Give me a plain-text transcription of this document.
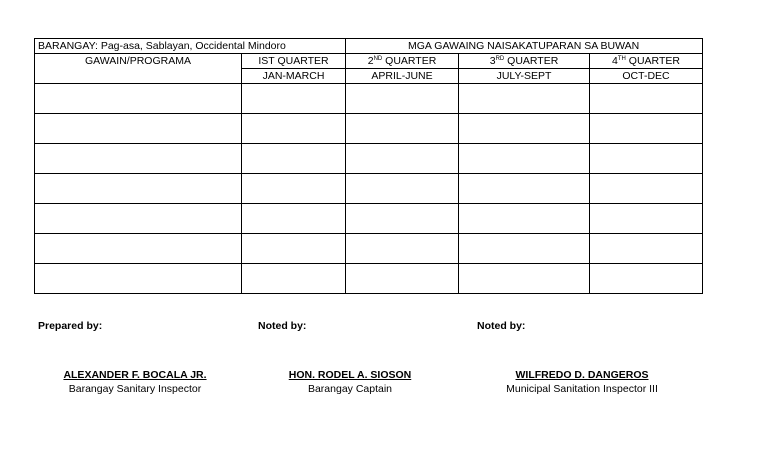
BARANGAY: Pag-asa, Sablayan, Occidental Mindoro		MGA GAWAING NAISAKATUPARAN SA BUWAN		
GAWAIN/PROGRAMA	IST QUARTER	2ND QUARTER	3RD QUARTER	4TH QUARTER
	JAN-MARCH	APRIL-JUNE	JULY-SEPT	OCT-DEC

Prepared by:	Noted by:	Noted by:
ALEXANDER F. BOCALA JR.
Barangay Sanitary Inspector
HON. RODEL A. SIOSON
Barangay Captain
WILFREDO D. DANGEROS
Municipal Sanitation Inspector III
